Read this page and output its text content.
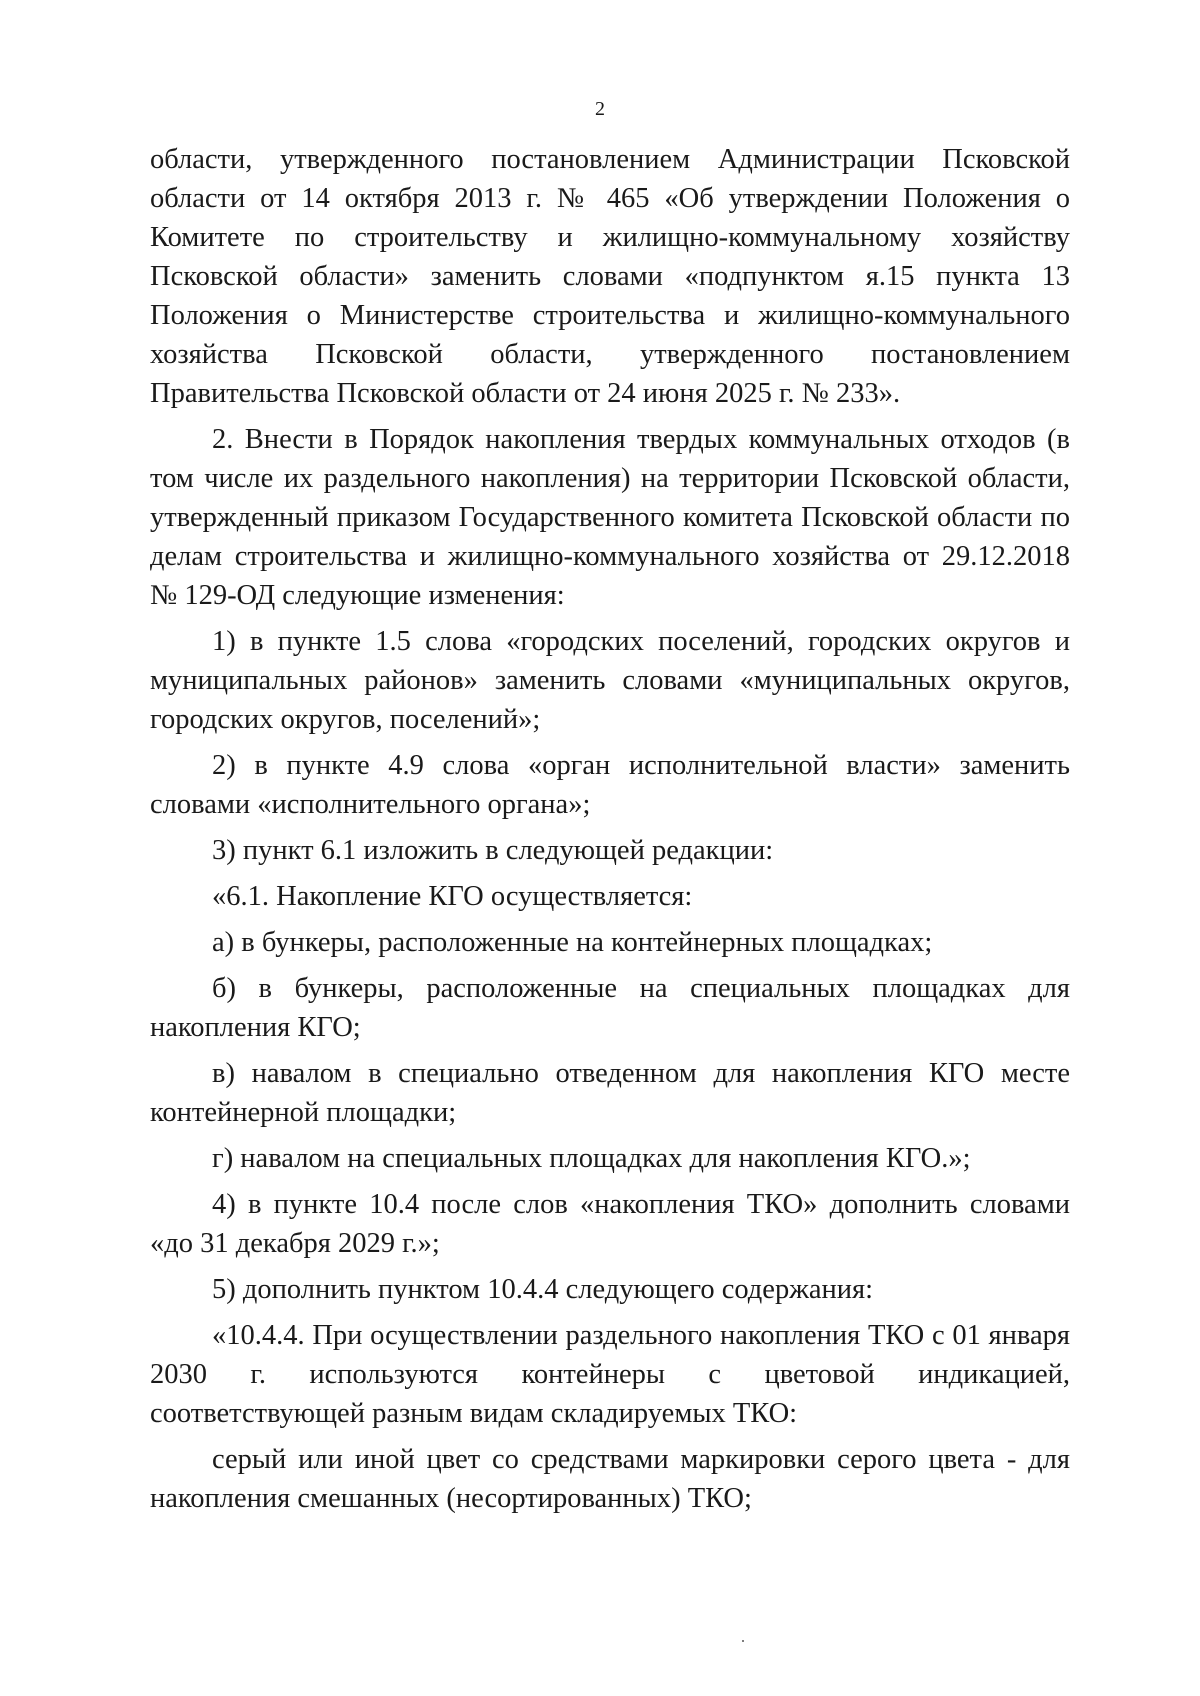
2

области, утвержденного постановлением Администрации Псковской области от 14 октября 2013 г. № 465 «Об утверждении Положения о Комитете по строительству и жилищно-коммунальному хозяйству Псковской области» заменить словами «подпунктом я.15 пункта 13 Положения о Министерстве строительства и жилищно-коммунального хозяйства Псковской области, утвержденного постановлением Правительства Псковской области от 24 июня 2025 г. № 233».

2. Внести в Порядок накопления твердых коммунальных отходов (в том числе их раздельного накопления) на территории Псковской области, утвержденный приказом Государственного комитета Псковской области по делам строительства и жилищно-коммунального хозяйства от 29.12.2018 № 129-ОД следующие изменения:

1) в пункте 1.5 слова «городских поселений, городских округов и муниципальных районов» заменить словами «муниципальных округов, городских округов, поселений»;

2) в пункте 4.9 слова «орган исполнительной власти» заменить словами «исполнительного органа»;

3) пункт 6.1 изложить в следующей редакции:

«6.1. Накопление КГО осуществляется:

а) в бункеры, расположенные на контейнерных площадках;

б) в бункеры, расположенные на специальных площадках для накопления КГО;

в) навалом в специально отведенном для накопления КГО месте контейнерной площадки;

г) навалом на специальных площадках для накопления КГО.»;

4) в пункте 10.4 после слов «накопления ТКО» дополнить словами «до 31 декабря 2029 г.»;

5) дополнить пунктом 10.4.4 следующего содержания:

«10.4.4. При осуществлении раздельного накопления ТКО с 01 января 2030 г. используются контейнеры с цветовой индикацией, соответствующей разным видам складируемых ТКО:

серый или иной цвет со средствами маркировки серого цвета - для накопления смешанных (несортированных) ТКО;
